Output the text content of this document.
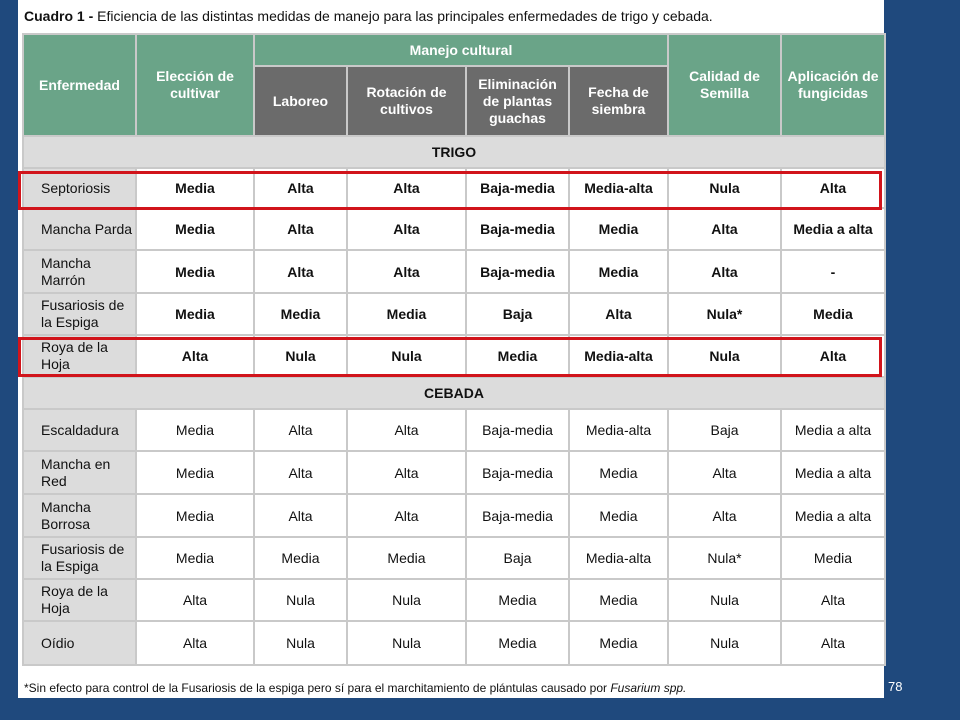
Cuadro 1 - Eficiencia de las distintas medidas de manejo para las principales enfermedades de trigo y cebada.
Enfermedad	Elección de cultivar	Manejo cultural				Calidad de Semilla	Aplicación de fungicidas
		Laboreo	Rotación de cultivos	Eliminación de plantas guachas	Fecha de siembra		
TRIGO							
Septoriosis	Media	Alta	Alta	Baja-media	Media-alta	Nula	Alta
Mancha Parda	Media	Alta	Alta	Baja-media	Media	Alta	Media a alta
Mancha Marrón	Media	Alta	Alta	Baja-media	Media	Alta	-
Fusariosis de la Espiga	Media	Media	Media	Baja	Alta	Nula*	Media
Roya de la Hoja	Alta	Nula	Nula	Media	Media-alta	Nula	Alta
CEBADA							
Escaldadura	Media	Alta	Alta	Baja-media	Media-alta	Baja	Media a alta
Mancha en Red	Media	Alta	Alta	Baja-media	Media	Alta	Media a alta
Mancha Borrosa	Media	Alta	Alta	Baja-media	Media	Alta	Media a alta
Fusariosis de la Espiga	Media	Media	Media	Baja	Media-alta	Nula*	Media
Roya de la Hoja	Alta	Nula	Nula	Media	Media	Nula	Alta
Oídio	Alta	Nula	Nula	Media	Media	Nula	Alta
*Sin efecto para control de la Fusariosis de la espiga pero sí para el marchitamiento de plántulas causado por Fusarium spp.	78
